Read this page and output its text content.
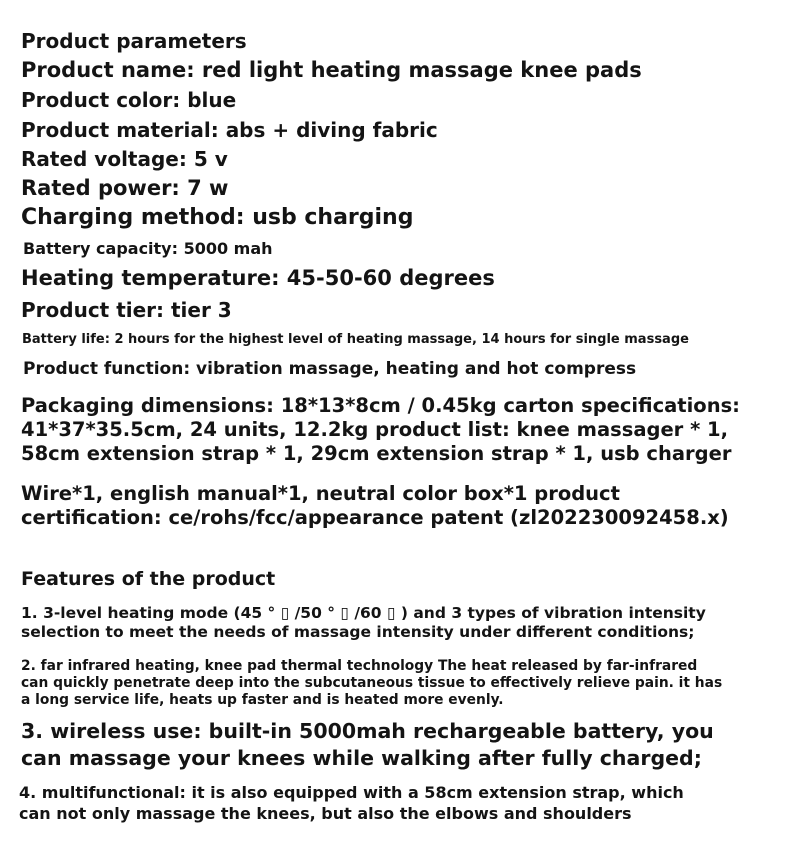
Product parameters
Product name: red light heating massage knee pads
Product color: blue
Product material: abs + diving fabric
Rated voltage: 5 v
Rated power: 7 w
Charging method: usb charging
Battery capacity: 5000 mah
Heating temperature: 45-50-60 degrees
Product tier: tier 3
Battery life: 2 hours for the highest level of heating massage, 14 hours for single massage
Product function: vibration massage, heating and hot compress
Packaging dimensions: 18*13*8cm / 0.45kg carton specifications:
41*37*35.5cm, 24 units, 12.2kg product list: knee massager * 1,
58cm extension strap * 1, 29cm extension strap * 1, usb charger
Wire*1, english manual*1, neutral color box*1 product
certification: ce/rohs/fcc/appearance patent (zl202230092458.x)
Features of the product
1. 3-level heating mode (45 ° ▯ /50 ° ▯ /60 ▯ ) and 3 types of vibration intensity
selection to meet the needs of massage intensity under different conditions;
2. far infrared heating, knee pad thermal technology The heat released by far-infrared
can quickly penetrate deep into the subcutaneous tissue to effectively relieve pain. it has
a long service life, heats up faster and is heated more evenly.
3. wireless use: built-in 5000mah rechargeable battery, you
can massage your knees while walking after fully charged;
4. multifunctional: it is also equipped with a 58cm extension strap, which
can not only massage the knees, but also the elbows and shoulders
